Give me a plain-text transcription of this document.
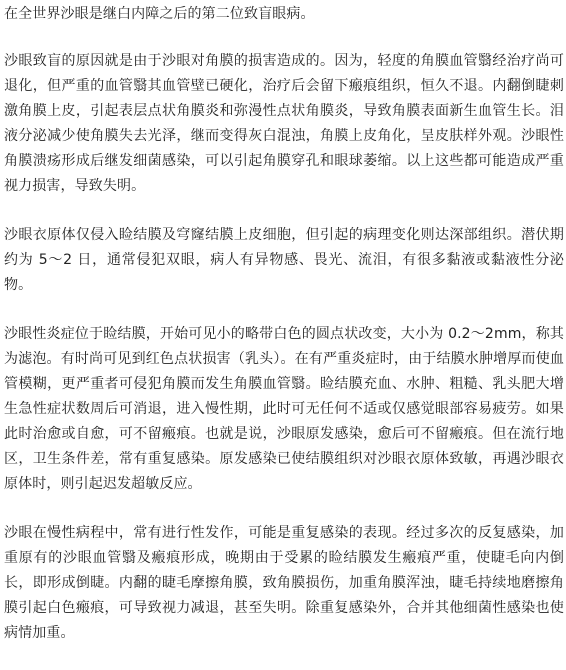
在全世界沙眼是继白内障之后的第二位致盲眼病。

沙眼致盲的原因就是由于沙眼对角膜的损害造成的。因为，轻度的角膜血管翳经治疗尚可退化，但严重的血管翳其血管壁已硬化，治疗后会留下瘢痕组织，恒久不退。内翻倒睫刺激角膜上皮，引起表层点状角膜炎和弥漫性点状角膜炎，导致角膜表面新生血管生长。泪液分泌减少使角膜失去光泽，继而变得灰白混浊，角膜上皮角化，呈皮肤样外观。沙眼性角膜溃疡形成后继发细菌感染，可以引起角膜穿孔和眼球萎缩。以上这些都可能造成严重视力损害，导致失明。

沙眼衣原体仅侵入睑结膜及穹窿结膜上皮细胞，但引起的病理变化则达深部组织。潜伏期约为 5～2 日，通常侵犯双眼，病人有异物感、畏光、流泪，有很多黏液或黏液性分泌物。

沙眼性炎症位于睑结膜，开始可见小的略带白色的圆点状改变，大小为 0.2～2mm，称其为滤泡。有时尚可见到红色点状损害（乳头）。在有严重炎症时，由于结膜水肿增厚而使血管模糊，更严重者可侵犯角膜而发生角膜血管翳。睑结膜充血、水肿、粗糙、乳头肥大增生急性症状数周后可消退，进入慢性期，此时可无任何不适或仅感觉眼部容易疲劳。如果此时治愈或自愈，可不留瘢痕。也就是说，沙眼原发感染，愈后可不留瘢痕。但在流行地区，卫生条件差，常有重复感染。原发感染已使结膜组织对沙眼衣原体致敏，再遇沙眼衣原体时，则引起迟发超敏反应。

沙眼在慢性病程中，常有进行性发作，可能是重复感染的表现。经过多次的反复感染，加重原有的沙眼血管翳及瘢痕形成，晚期由于受累的睑结膜发生瘢痕严重，使睫毛向内倒长，即形成倒睫。内翻的睫毛摩擦角膜，致角膜损伤，加重角膜浑浊，睫毛持续地磨擦角膜引起白色瘢痕，可导致视力减退，甚至失明。除重复感染外，合并其他细菌性感染也使病情加重。
